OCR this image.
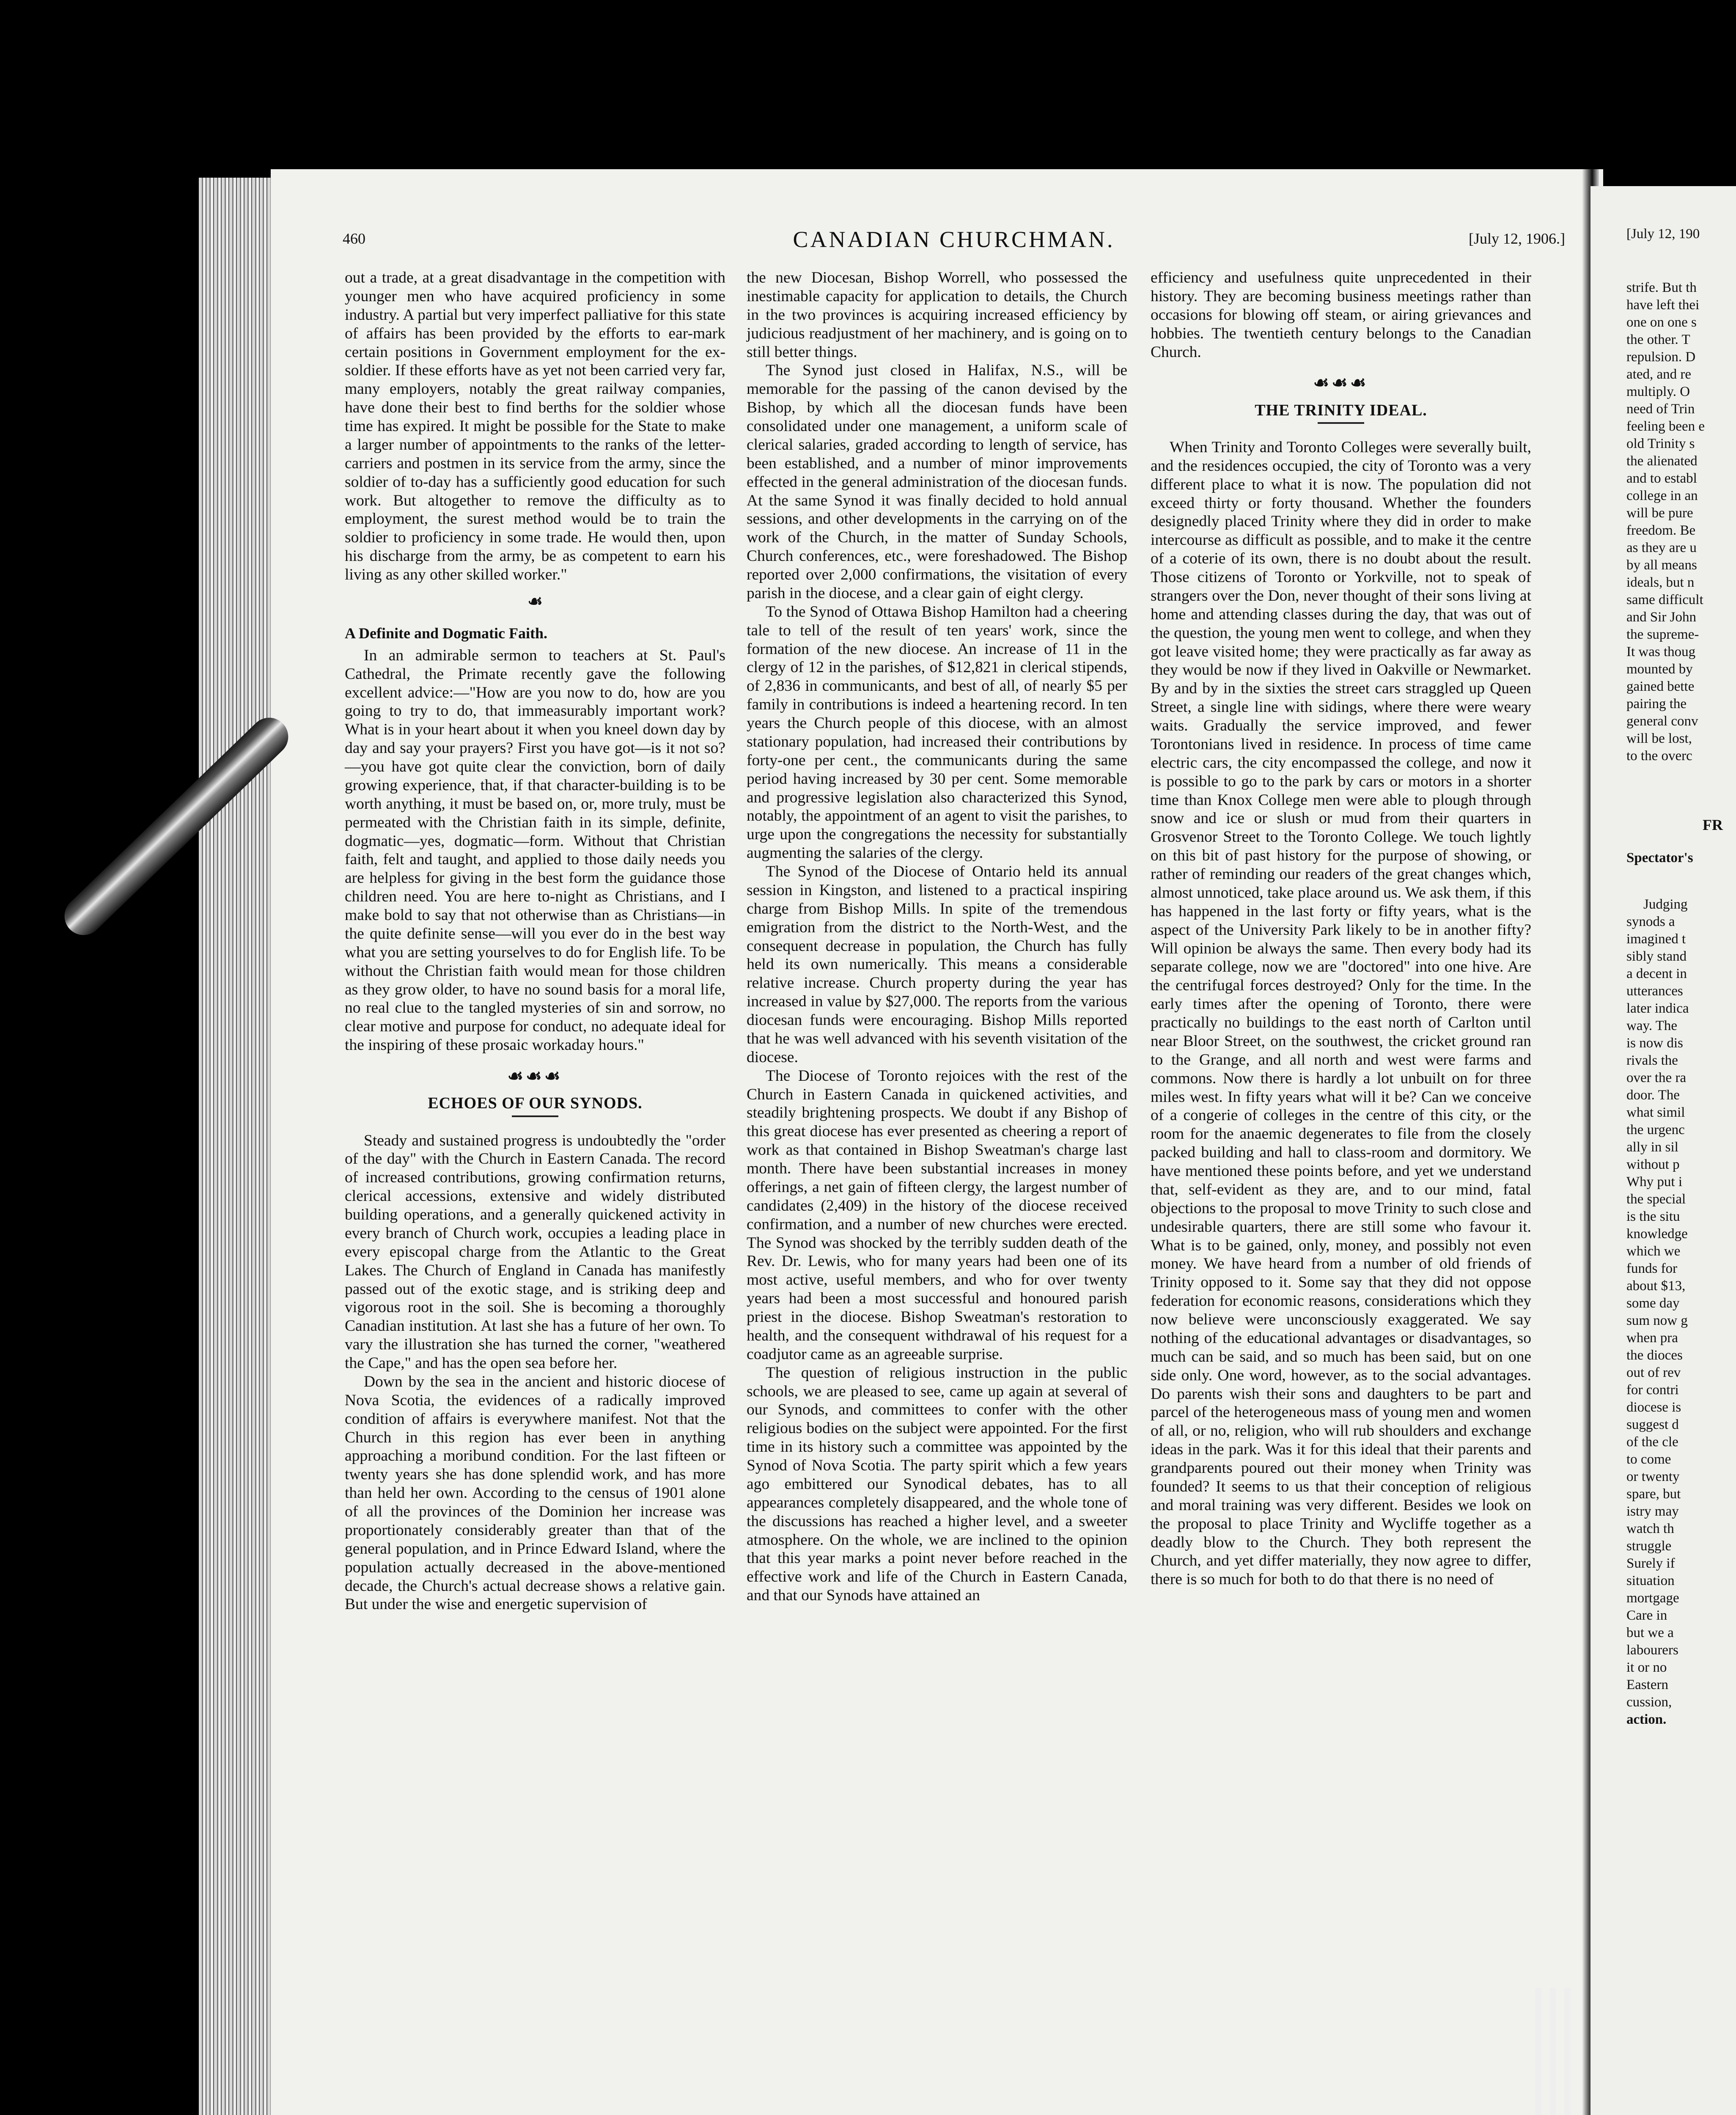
460	CANADIAN CHURCHMAN.	[July 12, 1906.]

out a trade, at a great disadvantage in the competition with younger men who have acquired proficiency in some industry. A partial but very imperfect palliative for this state of affairs has been provided by the efforts to ear-mark certain positions in Government employment for the ex-soldier. If these efforts have as yet not been carried very far, many employers, notably the great railway companies, have done their best to find berths for the soldier whose time has expired. It might be possible for the State to make a larger number of appointments to the ranks of the letter-carriers and postmen in its service from the army, since the soldier of to-day has a sufficiently good education for such work. But altogether to remove the difficulty as to employment, the surest method would be to train the soldier to proficiency in some trade. He would then, upon his discharge from the army, be as competent to earn his living as any other skilled worker."

☙
A Definite and Dogmatic Faith.

In an admirable sermon to teachers at St. Paul's Cathedral, the Primate recently gave the following excellent advice:—"How are you now to do, how are you going to try to do, that immeasurably important work? What is in your heart about it when you kneel down day by day and say your prayers? First you have got—is it not so?—you have got quite clear the conviction, born of daily growing experience, that, if that character-building is to be worth anything, it must be based on, or, more truly, must be permeated with the Christian faith in its simple, definite, dogmatic—yes, dogmatic—form. Without that Christian faith, felt and taught, and applied to those daily needs you are helpless for giving in the best form the guidance those children need. You are here to-night as Christians, and I make bold to say that not otherwise than as Christians—in the quite definite sense—will you ever do in the best way what you are setting yourselves to do for English life. To be without the Christian faith would mean for those children as they grow older, to have no sound basis for a moral life, no real clue to the tangled mysteries of sin and sorrow, no clear motive and purpose for conduct, no adequate ideal for the inspiring of these prosaic workaday hours."

☙☙☙
ECHOES OF OUR SYNODS.

Steady and sustained progress is undoubtedly the "order of the day" with the Church in Eastern Canada. The record of increased contributions, growing confirmation returns, clerical accessions, extensive and widely distributed building operations, and a generally quickened activity in every branch of Church work, occupies a leading place in every episcopal charge from the Atlantic to the Great Lakes. The Church of England in Canada has manifestly passed out of the exotic stage, and is striking deep and vigorous root in the soil. She is becoming a thoroughly Canadian institution. At last she has a future of her own. To vary the illustration she has turned the corner, "weathered the Cape," and has the open sea before her.

Down by the sea in the ancient and historic diocese of Nova Scotia, the evidences of a radically improved condition of affairs is everywhere manifest. Not that the Church in this region has ever been in anything approaching a moribund condition. For the last fifteen or twenty years she has done splendid work, and has more than held her own. According to the census of 1901 alone of all the provinces of the Dominion her increase was proportionately considerably greater than that of the general population, and in Prince Edward Island, where the population actually decreased in the above-mentioned decade, the Church's actual decrease shows a relative gain. But under the wise and energetic supervision of

the new Diocesan, Bishop Worrell, who possessed the inestimable capacity for application to details, the Church in the two provinces is acquiring increased efficiency by judicious readjustment of her machinery, and is going on to still better things.

The Synod just closed in Halifax, N.S., will be memorable for the passing of the canon devised by the Bishop, by which all the diocesan funds have been consolidated under one management, a uniform scale of clerical salaries, graded according to length of service, has been established, and a number of minor improvements effected in the general administration of the diocesan funds. At the same Synod it was finally decided to hold annual sessions, and other developments in the carrying on of the work of the Church, in the matter of Sunday Schools, Church conferences, etc., were foreshadowed. The Bishop reported over 2,000 confirmations, the visitation of every parish in the diocese, and a clear gain of eight clergy.

To the Synod of Ottawa Bishop Hamilton had a cheering tale to tell of the result of ten years' work, since the formation of the new diocese. An increase of 11 in the clergy of 12 in the parishes, of $12,821 in clerical stipends, of 2,836 in communicants, and best of all, of nearly $5 per family in contributions is indeed a heartening record. In ten years the Church people of this diocese, with an almost stationary population, had increased their contributions by forty-one per cent., the communicants during the same period having increased by 30 per cent. Some memorable and progressive legislation also characterized this Synod, notably, the appointment of an agent to visit the parishes, to urge upon the congregations the necessity for substantially augmenting the salaries of the clergy.

The Synod of the Diocese of Ontario held its annual session in Kingston, and listened to a practical inspiring charge from Bishop Mills. In spite of the tremendous emigration from the district to the North-West, and the consequent decrease in population, the Church has fully held its own numerically. This means a considerable relative increase. Church property during the year has increased in value by $27,000. The reports from the various diocesan funds were encouraging. Bishop Mills reported that he was well advanced with his seventh visitation of the diocese.

The Diocese of Toronto rejoices with the rest of the Church in Eastern Canada in quickened activities, and steadily brightening prospects. We doubt if any Bishop of this great diocese has ever presented as cheering a report of work as that contained in Bishop Sweatman's charge last month. There have been substantial increases in money offerings, a net gain of fifteen clergy, the largest number of candidates (2,409) in the history of the diocese received confirmation, and a number of new churches were erected. The Synod was shocked by the terribly sudden death of the Rev. Dr. Lewis, who for many years had been one of its most active, useful members, and who for over twenty years had been a most successful and honoured parish priest in the diocese. Bishop Sweatman's restoration to health, and the consequent withdrawal of his request for a coadjutor came as an agreeable surprise.

The question of religious instruction in the public schools, we are pleased to see, came up again at several of our Synods, and committees to confer with the other religious bodies on the subject were appointed. For the first time in its history such a committee was appointed by the Synod of Nova Scotia. The party spirit which a few years ago embittered our Synodical debates, has to all appearances completely disappeared, and the whole tone of the discussions has reached a higher level, and a sweeter atmosphere. On the whole, we are inclined to the opinion that this year marks a point never before reached in the effective work and life of the Church in Eastern Canada, and that our Synods have attained an

efficiency and usefulness quite unprecedented in their history. They are becoming business meetings rather than occasions for blowing off steam, or airing grievances and hobbies. The twentieth century belongs to the Canadian Church.

☙☙☙
THE TRINITY IDEAL.

When Trinity and Toronto Colleges were severally built, and the residences occupied, the city of Toronto was a very different place to what it is now. The population did not exceed thirty or forty thousand. Whether the founders designedly placed Trinity where they did in order to make intercourse as difficult as possible, and to make it the centre of a coterie of its own, there is no doubt about the result. Those citizens of Toronto or Yorkville, not to speak of strangers over the Don, never thought of their sons living at home and attending classes during the day, that was out of the question, the young men went to college, and when they got leave visited home; they were practically as far away as they would be now if they lived in Oakville or Newmarket. By and by in the sixties the street cars straggled up Queen Street, a single line with sidings, where there were weary waits. Gradually the service improved, and fewer Torontonians lived in residence. In process of time came electric cars, the city encompassed the college, and now it is possible to go to the park by cars or motors in a shorter time than Knox College men were able to plough through snow and ice or slush or mud from their quarters in Grosvenor Street to the Toronto College. We touch lightly on this bit of past history for the purpose of showing, or rather of reminding our readers of the great changes which, almost unnoticed, take place around us. We ask them, if this has happened in the last forty or fifty years, what is the aspect of the University Park likely to be in another fifty? Will opinion be always the same. Then every body had its separate college, now we are "doctored" into one hive. Are the centrifugal forces destroyed? Only for the time. In the early times after the opening of Toronto, there were practically no buildings to the east north of Carlton until near Bloor Street, on the southwest, the cricket ground ran to the Grange, and all north and west were farms and commons. Now there is hardly a lot unbuilt on for three miles west. In fifty years what will it be? Can we conceive of a congerie of colleges in the centre of this city, or the room for the anaemic degenerates to file from the closely packed building and hall to class-room and dormitory. We have mentioned these points before, and yet we understand that, self-evident as they are, and to our mind, fatal objections to the proposal to move Trinity to such close and undesirable quarters, there are still some who favour it. What is to be gained, only, money, and possibly not even money. We have heard from a number of old friends of Trinity opposed to it. Some say that they did not oppose federation for economic reasons, considerations which they now believe were unconsciously exaggerated. We say nothing of the educational advantages or disadvantages, so much can be said, and so much has been said, but on one side only. One word, however, as to the social advantages. Do parents wish their sons and daughters to be part and parcel of the heterogeneous mass of young men and women of all, or no, religion, who will rub shoulders and exchange ideas in the park. Was it for this ideal that their parents and grandparents poured out their money when Trinity was founded? It seems to us that their conception of religious and moral training was very different. Besides we look on the proposal to place Trinity and Wycliffe together as a deadly blow to the Church. They both represent the Church, and yet differ materially, they now agree to differ, there is so much for both to do that there is no need of

[July 12, 190
strife. But th
have left thei
one on one s
the other. T
repulsion. D
ated, and re
multiply. O
need of Trin
feeling been e
old Trinity s
the alienated
and to establ
college in an
will be pure
freedom. Be
as they are u
by all means
ideals, but n
same difficult
and Sir John
the supreme-
It was thoug
mounted by
gained bette
pairing the
general conv
will be lost,
to the overc
FR
Spectator's
Judging
synods a
imagined t
sibly stand
a decent in
utterances
later indica
way. The
is now dis
rivals the
over the ra
door. The
what simil
the urgenc
ally in sil
without p
Why put i
the special
is the situ
knowledge
which we
funds for
about $13,
some day
sum now g
when pra
the dioces
out of rev
for contri
diocese is
suggest d
of the cle
to come
or twenty
spare, but
istry may
watch th
struggle
Surely if
situation
mortgage
Care in
but we a
labourers
it or no
Eastern
cussion,
action.
